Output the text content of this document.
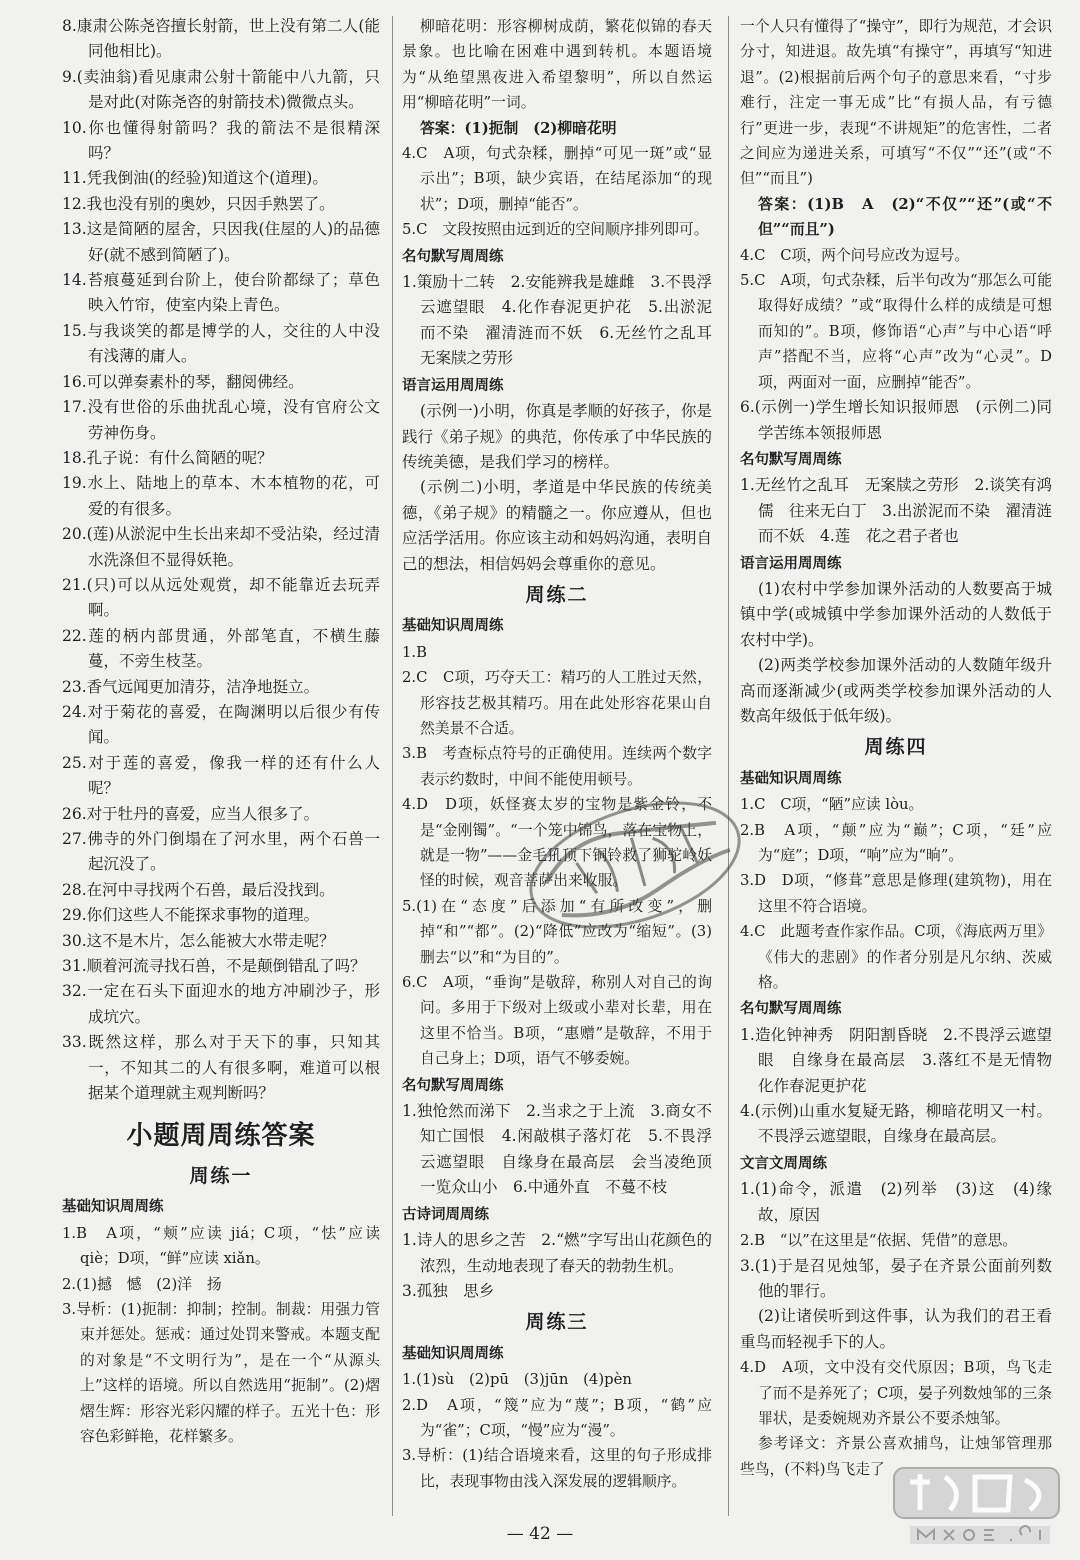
8.康肃公陈尧咨擅长射箭，世上没有第二人(能同他相比)。

9.(卖油翁)看见康肃公射十箭能中八九箭，只是对此(对陈尧咨的射箭技术)微微点头。

10.你也懂得射箭吗？我的箭法不是很精深吗？

11.凭我倒油(的经验)知道这个(道理)。

12.我也没有别的奥妙，只因手熟罢了。

13.这是简陋的屋舍，只因我(住屋的人)的品德好(就不感到简陋了)。

14.苔痕蔓延到台阶上，使台阶都绿了；草色映入竹帘，使室内染上青色。

15.与我谈笑的都是博学的人，交往的人中没有浅薄的庸人。

16.可以弹奏素朴的琴，翻阅佛经。

17.没有世俗的乐曲扰乱心境，没有官府公文劳神伤身。

18.孔子说：有什么简陋的呢？

19.水上、陆地上的草本、木本植物的花，可爱的有很多。

20.(莲)从淤泥中生长出来却不受沾染，经过清水洗涤但不显得妖艳。

21.(只)可以从远处观赏，却不能靠近去玩弄啊。

22.莲的柄内部贯通，外部笔直，不横生藤蔓，不旁生枝茎。

23.香气远闻更加清芬，洁净地挺立。

24.对于菊花的喜爱，在陶渊明以后很少有传闻。

25.对于莲的喜爱，像我一样的还有什么人呢？

26.对于牡丹的喜爱，应当人很多了。

27.佛寺的外门倒塌在了河水里，两个石兽一起沉没了。

28.在河中寻找两个石兽，最后没找到。

29.你们这些人不能探求事物的道理。

30.这不是木片，怎么能被大水带走呢？

31.顺着河流寻找石兽，不是颠倒错乱了吗？

32.一定在石头下面迎水的地方冲刷沙子，形成坑穴。

33.既然这样，那么对于天下的事，只知其一，不知其二的人有很多啊，难道可以根据某个道理就主观判断吗？

小题周周练答案
周练一
基础知识周周练

1.B　A项，“颊”应读 jiá；C项，“怯”应读 qiè；D项，“鲜”应读 xiǎn。

2.(1)撼　憾　(2)洋　扬

3.导析：(1)扼制：抑制；控制。制裁：用强力管束并惩处。惩戒：通过处罚来警戒。本题支配的对象是“不文明行为”，是在一个“从源头上”这样的语境。所以自然选用“扼制”。(2)熠熠生辉：形容光彩闪耀的样子。五光十色：形容色彩鲜艳，花样繁多。

柳暗花明：形容柳树成荫，繁花似锦的春天景象。也比喻在困难中遇到转机。本题语境为“从绝望黑夜进入希望黎明”，所以自然运用“柳暗花明”一词。

答案：(1)扼制　(2)柳暗花明

4.C　A项，句式杂糅，删掉“可见一斑”或“显示出”；B项，缺少宾语，在结尾添加“的现状”；D项，删掉“能否”。

5.C　文段按照由远到近的空间顺序排列即可。

名句默写周周练

1.策励十二转　2.安能辨我是雄雌　3.不畏浮云遮望眼　4.化作春泥更护花　5.出淤泥而不染　濯清涟而不妖　6.无丝竹之乱耳　无案牍之劳形

语言运用周周练

(示例一)小明，你真是孝顺的好孩子，你是践行《弟子规》的典范，你传承了中华民族的传统美德，是我们学习的榜样。

(示例二)小明，孝道是中华民族的传统美德，《弟子规》的精髓之一。你应遵从，但也应活学活用。你应该主动和妈妈沟通，表明自己的想法，相信妈妈会尊重你的意见。

周练二
基础知识周周练

1.B

2.C　C项，巧夺天工：精巧的人工胜过天然，形容技艺极其精巧。用在此处形容花果山自然美景不合适。

3.B　考查标点符号的正确使用。连续两个数字表示约数时，中间不能使用顿号。

4.D　D项，妖怪赛太岁的宝物是紫金铃，不是“金刚镯”。“一个笼中锦鸟，落在宝物上，就是一物”——金毛犼顶下铜铃救了狮驼岭妖怪的时候，观音菩萨出来收服。

5.(1)在“态度”后添加“有所改变”，删掉“和”“都”。(2)“降低”应改为“缩短”。(3)删去“以”和“为目的”。

6.C　A项，“垂询”是敬辞，称别人对自己的询问。多用于下级对上级或小辈对长辈，用在这里不恰当。B项，“惠赠”是敬辞，不用于自己身上；D项，语气不够委婉。

名句默写周周练

1.独怆然而涕下　2.当求之于上流　3.商女不知亡国恨　4.闲敲棋子落灯花　5.不畏浮云遮望眼　自缘身在最高层　会当凌绝顶　一览众山小　6.中通外直　不蔓不枝

古诗词周周练

1.诗人的思乡之苦　2.“燃”字写出山花颜色的浓烈，生动地表现了春天的勃勃生机。

3.孤独　思乡

周练三
基础知识周周练

1.(1)sù　(2)pū　(3)jūn　(4)pèn

2.D　A项，“篾”应为“蔑”；B项，“鹤”应为“雀”；C项，“慢”应为“漫”。

3.导析：(1)结合语境来看，这里的句子形成排比，表现事物由浅入深发展的逻辑顺序。

一个人只有懂得了“操守”，即行为规范，才会识分寸，知进退。故先填“有操守”，再填写“知进退”。(2)根据前后两个句子的意思来看，“寸步难行，注定一事无成”比“有损人品，有亏德行”更进一步，表现“不讲规矩”的危害性，二者之间应为递进关系，可填写“不仅”“还”(或“不但”“而且”)

答案：(1)B　A　(2)“不仅”“还”(或“不但”“而且”)

4.C　C项，两个问号应改为逗号。

5.C　A项，句式杂糅，后半句改为“那怎么可能取得好成绩？”或“取得什么样的成绩是可想而知的”。B项，修饰语“心声”与中心语“呼声”搭配不当，应将“心声”改为“心灵”。D项，两面对一面，应删掉“能否”。

6.(示例一)学生增长知识报师恩　(示例二)同学苦练本领报师恩

名句默写周周练

1.无丝竹之乱耳　无案牍之劳形　2.谈笑有鸿儒　往来无白丁　3.出淤泥而不染　濯清涟而不妖　4.莲　花之君子者也

语言运用周周练

(1)农村中学参加课外活动的人数要高于城镇中学(或城镇中学参加课外活动的人数低于农村中学)。

(2)两类学校参加课外活动的人数随年级升高而逐渐减少(或两类学校参加课外活动的人数高年级低于低年级)。

周练四
基础知识周周练

1.C　C项，“陋”应读 lòu。

2.B　A项，“颠”应为“巅”；C项，“廷”应为“庭”；D项，“响”应为“晌”。

3.D　D项，“修葺”意思是修理(建筑物)，用在这里不符合语境。

4.C　此题考查作家作品。C项，《海底两万里》《伟大的悲剧》的作者分别是凡尔纳、茨威格。

名句默写周周练

1.造化钟神秀　阴阳割昏晓　2.不畏浮云遮望眼　自缘身在最高层　3.落红不是无情物　化作春泥更护花

4.(示例)山重水复疑无路，柳暗花明又一村。不畏浮云遮望眼，自缘身在最高层。

文言文周周练

1.(1)命令，派遣　(2)列举　(3)这　(4)缘故，原因

2.B　“以”在这里是“依据、凭借”的意思。

3.(1)于是召见烛邹，晏子在齐景公面前列数他的罪行。

(2)让诸侯听到这件事，认为我们的君王看重鸟而轻视手下的人。

4.D　A项，文中没有交代原因；B项，鸟飞走了而不是养死了；C项，晏子列数烛邹的三条罪状，是委婉规劝齐景公不要杀烛邹。

参考译文：齐景公喜欢捕鸟，让烛邹管理那些鸟，(不料)鸟飞走了

— 42 —
